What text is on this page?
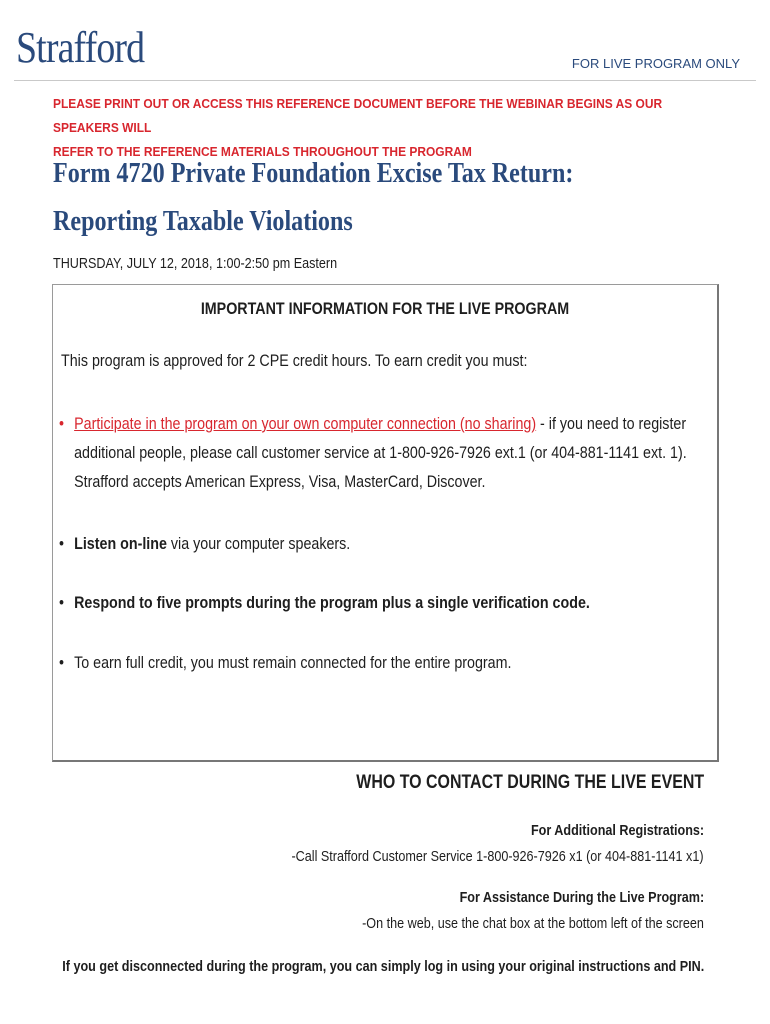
Strafford	FOR LIVE PROGRAM ONLY
PLEASE PRINT OUT OR ACCESS THIS REFERENCE DOCUMENT BEFORE THE WEBINAR BEGINS AS OUR SPEAKERS WILL
REFER TO THE REFERENCE MATERIALS THROUGHOUT THE PROGRAM
Form 4720 Private Foundation Excise Tax Return:
Reporting Taxable Violations
THURSDAY, JULY 12, 2018, 1:00-2:50 pm Eastern
IMPORTANT INFORMATION FOR THE LIVE PROGRAM
This program is approved for 2 CPE credit hours. To earn credit you must:
• Participate in the program on your own computer connection (no sharing) - if you need to register
additional people, please call customer service at 1-800-926-7926 ext.1 (or 404-881-1141 ext. 1).
Strafford accepts American Express, Visa, MasterCard, Discover.
• Listen on-line via your computer speakers.
• Respond to five prompts during the program plus a single verification code.
• To earn full credit, you must remain connected for the entire program.
WHO TO CONTACT DURING THE LIVE EVENT
For Additional Registrations:
-Call Strafford Customer Service 1-800-926-7926 x1 (or 404-881-1141 x1)
For Assistance During the Live Program:
-On the web, use the chat box at the bottom left of the screen
If you get disconnected during the program, you can simply log in using your original instructions and PIN.
